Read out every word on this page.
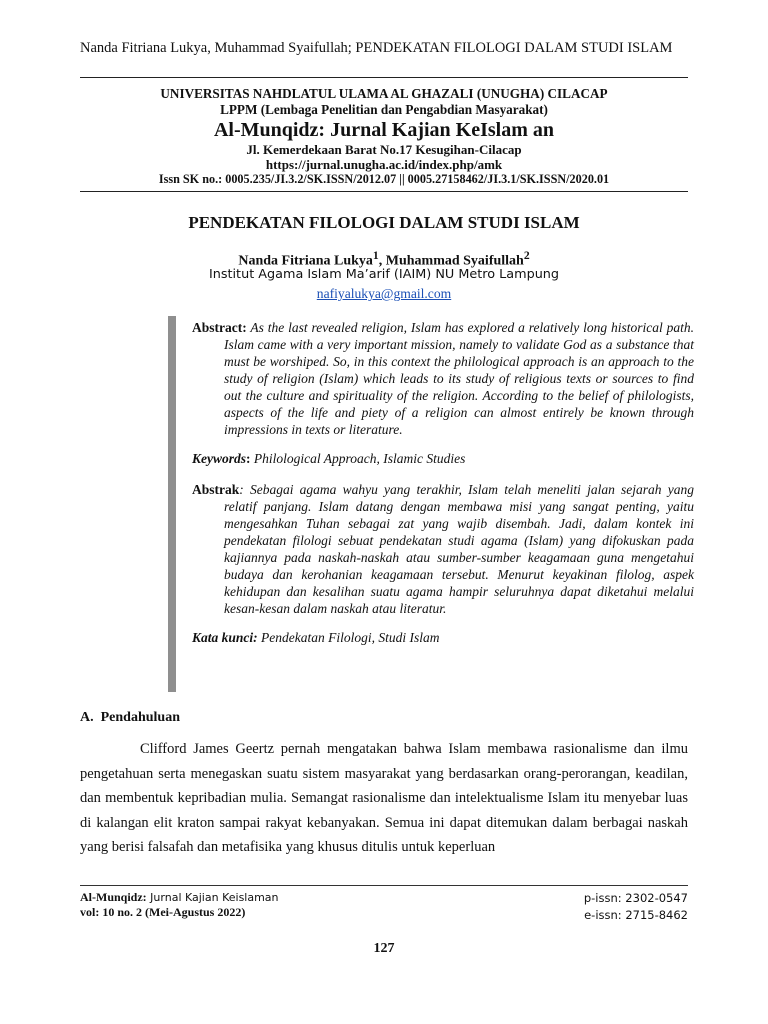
Nanda Fitriana Lukya, Muhammad Syaifullah; PENDEKATAN FILOLOGI DALAM STUDI ISLAM
UNIVERSITAS NAHDLATUL ULAMA AL GHAZALI (UNUGHA) CILACAP
LPPM (Lembaga Penelitian dan Pengabdian Masyarakat)
Al-Munqidz: Jurnal Kajian KeIslam an
Jl. Kemerdekaan Barat No.17 Kesugihan-Cilacap
https://jurnal.unugha.ac.id/index.php/amk
Issn SK no.: 0005.235/JI.3.2/SK.ISSN/2012.07 || 0005.27158462/JI.3.1/SK.ISSN/2020.01
PENDEKATAN FILOLOGI DALAM STUDI ISLAM
Nanda Fitriana Lukya$^1$, Muhammad Syaifullah$^2$
Institut Agama Islam Ma’arif (IAIM) NU Metro Lampung
nafiyalukya@gmail.com
Abstract: As the last revealed religion, Islam has explored a relatively long historical path. Islam came with a very important mission, namely to validate God as a substance that must be worshiped. So, in this context the philological approach is an approach to the study of religion (Islam) which leads to its study of religious texts or sources to find out the culture and spirituality of the religion. According to the belief of philologists, aspects of the life and piety of a religion can almost entirely be known through impressions in texts or literature.
Keywords: Philological Approach, Islamic Studies
Abstrak: Sebagai agama wahyu yang terakhir, Islam telah meneliti jalan sejarah yang relatif panjang. Islam datang dengan membawa misi yang sangat penting, yaitu mengesahkan Tuhan sebagai zat yang wajib disembah. Jadi, dalam kontek ini pendekatan filologi sebuat pendekatan studi agama (Islam) yang difokuskan pada kajiannya pada naskah-naskah atau sumber-sumber keagamaan guna mengetahui budaya dan kerohanian keagamaan tersebut. Menurut keyakinan filolog, aspek kehidupan dan kesalihan suatu agama hampir seluruhnya dapat diketahui melalui kesan-kesan dalam naskah atau literatur.
Kata kunci: Pendekatan Filologi, Studi Islam
A.  Pendahuluan

Clifford James Geertz pernah mengatakan bahwa Islam membawa rasionalisme dan ilmu pengetahuan serta menegaskan suatu sistem masyarakat yang berdasarkan orang-perorangan, keadilan, dan membentuk kepribadian mulia. Semangat rasionalisme dan intelektualisme Islam itu menyebar luas di kalangan elit kraton sampai rakyat kebanyakan. Semua ini dapat ditemukan dalam berbagai naskah yang berisi falsafah dan metafisika yang khusus ditulis untuk keperluan

Al-Munqidz: Jurnal Kajian Keislaman
vol: 10 no. 2 (Mei-Agustus 2022)
p-issn: 2302-0547
e-issn: 2715-8462
127
